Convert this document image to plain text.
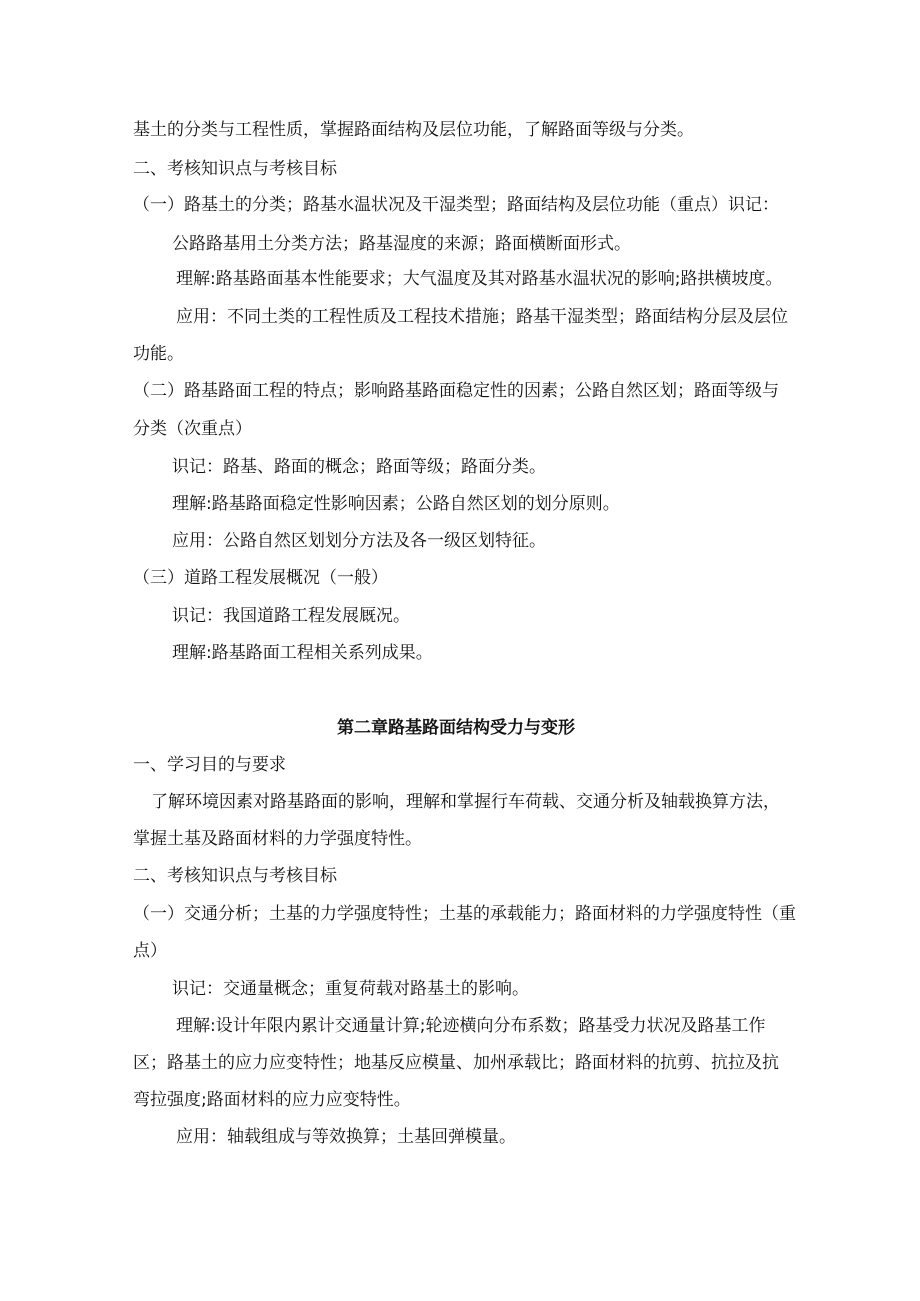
基土的分类与工程性质，掌握路面结构及层位功能，了解路面等级与分类。
二、考核知识点与考核目标
（一）路基土的分类；路基水温状况及干湿类型；路面结构及层位功能（重点）识记：
公路路基用土分类方法；路基湿度的来源；路面横断面形式。
理解:路基路面基本性能要求；大气温度及其对路基水温状况的影响;路拱横坡度。
应用：不同土类的工程性质及工程技术措施；路基干湿类型；路面结构分层及层位
功能。
（二）路基路面工程的特点；影响路基路面稳定性的因素；公路自然区划；路面等级与
分类（次重点）
识记：路基、路面的概念；路面等级；路面分类。
理解:路基路面稳定性影响因素；公路自然区划的划分原则。
应用：公路自然区划划分方法及各一级区划特征。
（三）道路工程发展概况（一般）
识记：我国道路工程发展厩况。
理解:路基路面工程相关系列成果。
第二章路基路面结构受力与变形
一、学习目的与要求
了解环境因素对路基路面的影响，理解和掌握行车荷载、交通分析及轴载换算方法，
掌握土基及路面材料的力学强度特性。
二、考核知识点与考核目标
（一）交通分析；土基的力学强度特性；土基的承载能力；路面材料的力学强度特性（重
点）
识记：交通量概念；重复荷载对路基土的影响。
理解:设计年限内累计交通量计算;轮迹横向分布系数；路基受力状况及路基工作
区；路基土的应力应变特性；地基反应模量、加州承载比；路面材料的抗剪、抗拉及抗
弯拉强度;路面材料的应力应变特性。
应用：轴载组成与等效换算；土基回弹模量。
